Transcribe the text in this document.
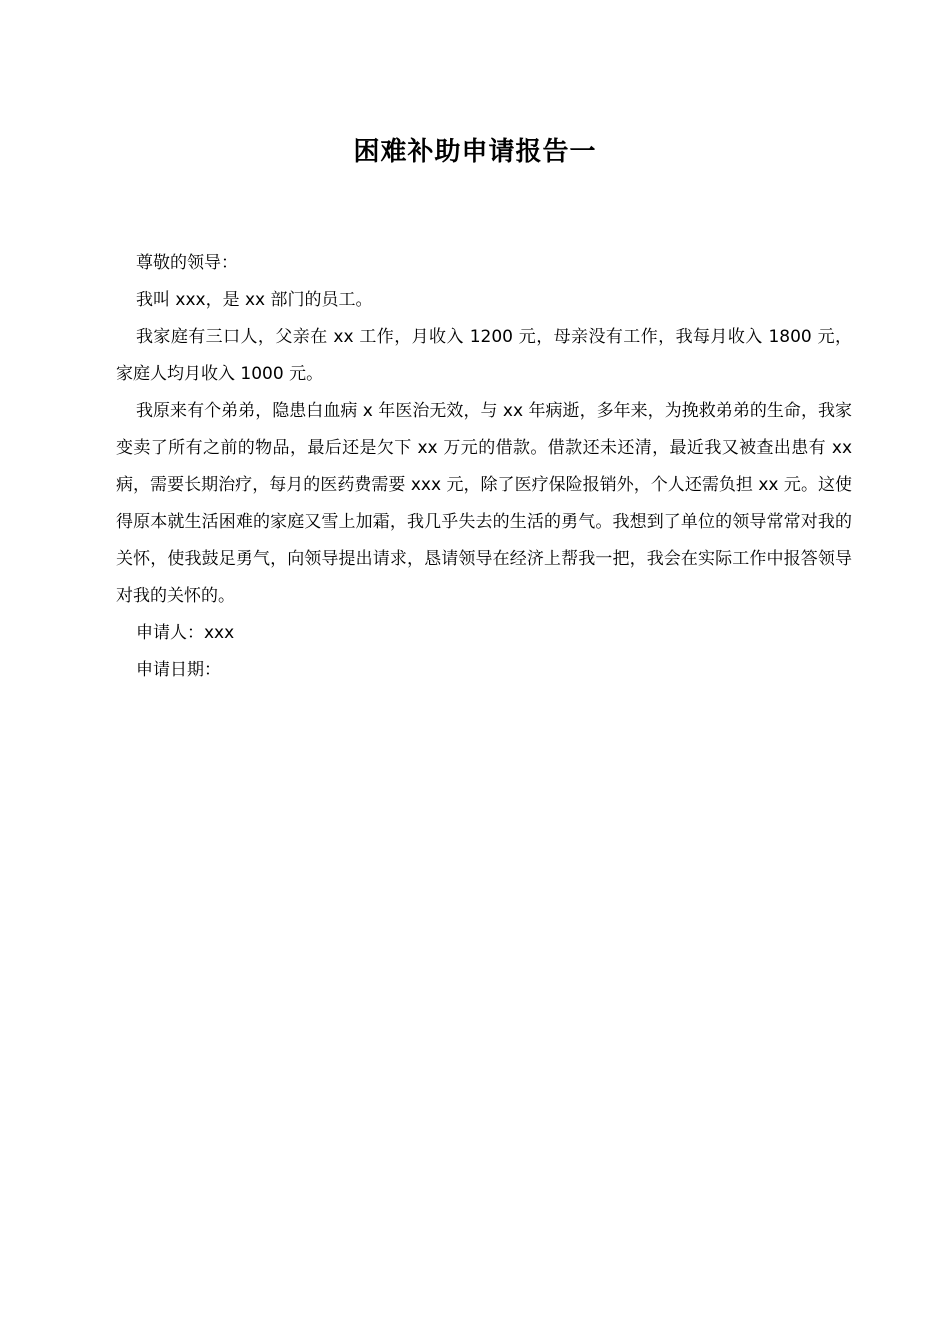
困难补助申请报告一

尊敬的领导：

我叫 xxx，是 xx 部门的员工。

我家庭有三口人，父亲在 xx 工作，月收入 1200 元，母亲没有工作，我每月收入 1800 元，家庭人均月收入 1000 元。

我原来有个弟弟，隐患白血病 x 年医治无效，与 xx 年病逝，多年来，为挽救弟弟的生命，我家变卖了所有之前的物品，最后还是欠下 xx 万元的借款。借款还未还清，最近我又被查出患有 xx 病，需要长期治疗，每月的医药费需要 xxx 元，除了医疗保险报销外，个人还需负担 xx 元。这使得原本就生活困难的家庭又雪上加霜，我几乎失去的生活的勇气。我想到了单位的领导常常对我的关怀，使我鼓足勇气，向领导提出请求，恳请领导在经济上帮我一把，我会在实际工作中报答领导对我的关怀的。

申请人：xxx

申请日期：
